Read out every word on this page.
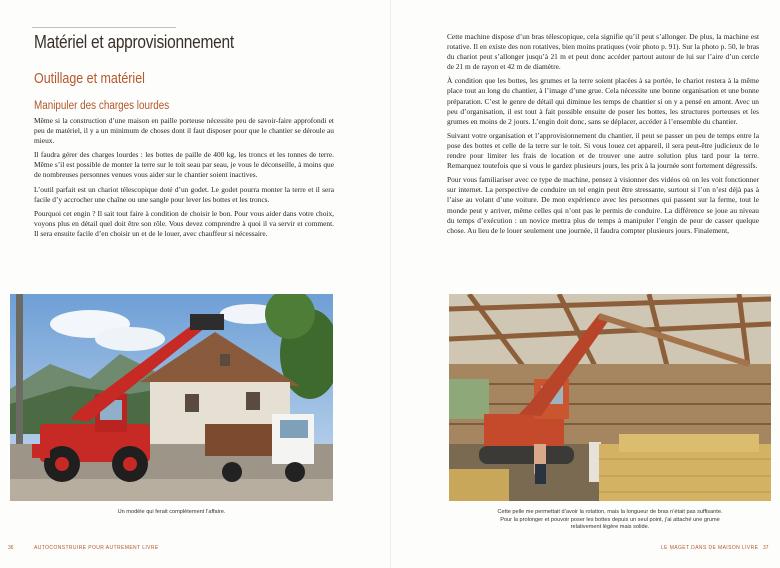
Matériel et approvisionnement
Outillage et matériel
Manipuler des charges lourdes

Même si la construction d’une maison en paille porteuse nécessite peu de savoir-faire approfondi et peu de matériel, il y a un minimum de choses dont il faut disposer pour que le chantier se déroule au mieux.

Il faudra gérer des charges lourdes : les bottes de paille de 400 kg, les troncs et les tonnes de terre. Même s’il est possible de monter la terre sur le toit seau par seau, je vous le déconseille, à moins que de nombreuses personnes venues vous aider sur le chantier soient inactives.

L’outil parfait est un chariot télescopique doté d’un godet. Le godet pourra monter la terre et il sera facile d’y accrocher une chaîne ou une sangle pour lever les bottes et les troncs.

Pourquoi cet engin ? Il sait tout faire à condition de choisir le bon. Pour vous aider dans votre choix, voyons plus en détail quel doit être son rôle. Vous devez comprendre à quoi il va servir et comment. Il sera ensuite facile d’en choisir un et de le louer, avec chauffeur si nécessaire.

Un modèle qui ferait complètement l’affaire.
36	AUTOCONSTRUIRE POUR AUTREMENT LIVRE

Cette machine dispose d’un bras télescopique, cela signifie qu’il peut s’allonger. De plus, la machine est rotative. Il en existe des non rotatives, bien moins pratiques (voir photo p. 91). Sur la photo p. 50, le bras du chariot peut s’allonger jusqu’à 21 m et peut donc accéder partout autour de lui sur l’aire d’un cercle de 21 m de rayon et 42 m de diamètre.

À condition que les bottes, les grumes et la terre soient placées à sa portée, le chariot restera à la même place tout au long du chantier, à l’image d’une grue. Cela nécessite une bonne organisation et une bonne préparation. C’est le genre de détail qui diminue les temps de chantier si on y a pensé en amont. Avec un peu d’organisation, il est tout à fait possible ensuite de poser les bottes, les structures porteuses et les grumes en moins de 2 jours. L’engin doit donc, sans se déplacer, accéder à l’ensemble du chantier.

Suivant votre organisation et l’approvisionnement du chantier, il peut se passer un peu de temps entre la pose des bottes et celle de la terre sur le toit. Si vous louez cet appareil, il sera peut-être judicieux de le rendre pour limiter les frais de location et de trouver une autre solution plus tard pour la terre. Remarquez toutefois que si vous le gardez plusieurs jours, les prix à la journée sont fortement dégressifs.

Pour vous familiariser avec ce type de machine, pensez à visionner des vidéos où on les voit fonctionner sur internet. La perspective de conduire un tel engin peut être stressante, surtout si l’on n’est déjà pas à l’aise au volant d’une voiture. De mon expérience avec les personnes qui passent sur la ferme, tout le monde peut y arriver, même celles qui n’ont pas le permis de conduire. La différence se joue au niveau du temps d’exécution : un novice mettra plus de temps à manipuler l’engin de peur de casser quelque chose. Au lieu de le louer seulement une journée, il faudra compter plusieurs jours. Finalement,

Cette pelle me permettait d’avoir la rotation, mais la longueur de bras n’était pas suffisante.
Pour la prolonger et pouvoir poser les bottes depuis un seul point, j’ai attaché une grume
relativement légère mais solide.
LE MAGET DANS DE MAISON LIVRE 37
